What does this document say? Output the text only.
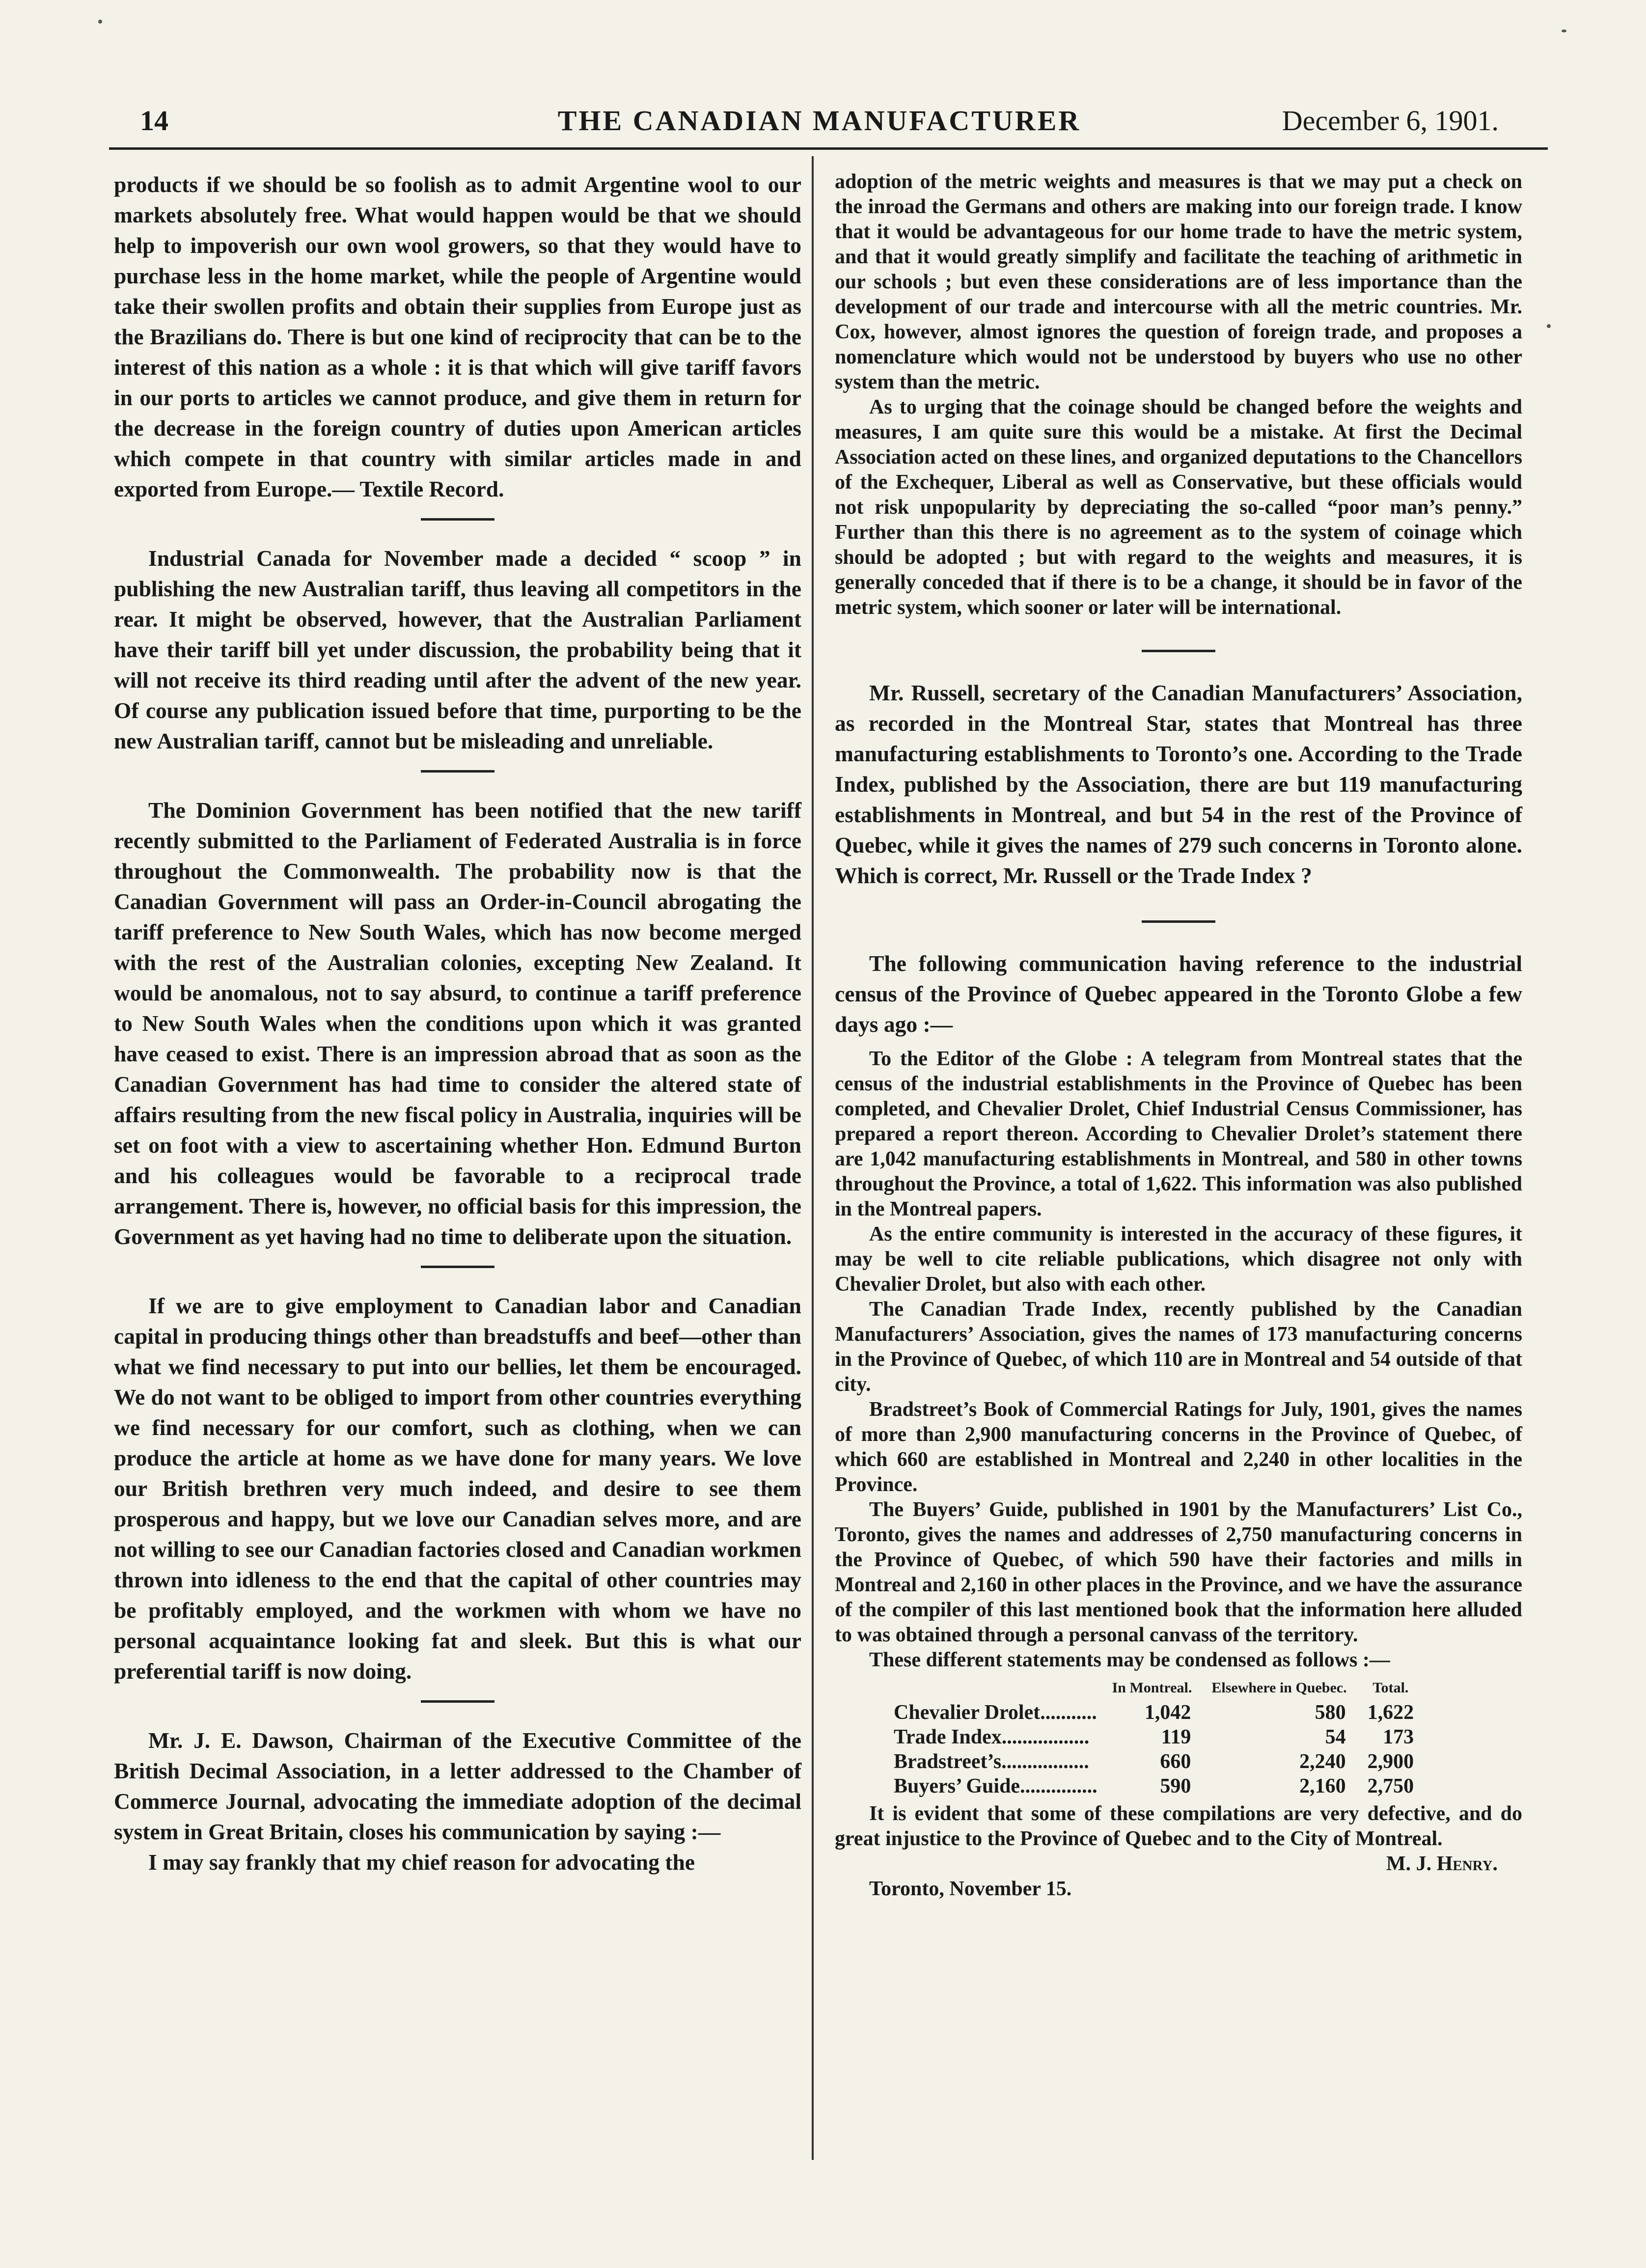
14	THE CANADIAN MANUFACTURER	December 6, 1901.

products if we should be so foolish as to admit Argentine wool to our markets absolutely free. What would happen would be that we should help to impoverish our own wool growers, so that they would have to purchase less in the home market, while the people of Argentine would take their swollen profits and obtain their supplies from Europe just as the Brazilians do. There is but one kind of reciprocity that can be to the interest of this nation as a whole : it is that which will give tariff favors in our ports to articles we cannot produce, and give them in return for the decrease in the foreign country of duties upon American articles which compete in that country with similar articles made in and exported from Europe.— Textile Record.

Industrial Canada for November made a decided “ scoop ” in publishing the new Australian tariff, thus leaving all competitors in the rear. It might be observed, however, that the Australian Parliament have their tariff bill yet under discussion, the probability being that it will not receive its third reading until after the advent of the new year. Of course any publication issued before that time, purporting to be the new Australian tariff, cannot but be misleading and unreliable.

The Dominion Government has been notified that the new tariff recently submitted to the Parliament of Federated Australia is in force throughout the Commonwealth. The probability now is that the Canadian Government will pass an Order-in-Council abrogating the tariff preference to New South Wales, which has now become merged with the rest of the Australian colonies, excepting New Zealand. It would be anomalous, not to say absurd, to continue a tariff preference to New South Wales when the conditions upon which it was granted have ceased to exist. There is an impression abroad that as soon as the Canadian Government has had time to consider the altered state of affairs resulting from the new fiscal policy in Australia, inquiries will be set on foot with a view to ascertaining whether Hon. Edmund Burton and his colleagues would be favorable to a reciprocal trade arrangement. There is, however, no official basis for this impression, the Government as yet having had no time to deliberate upon the situation.

If we are to give employment to Canadian labor and Canadian capital in producing things other than breadstuffs and beef—other than what we find necessary to put into our bellies, let them be encouraged. We do not want to be obliged to import from other countries everything we find necessary for our comfort, such as clothing, when we can produce the article at home as we have done for many years. We love our British brethren very much indeed, and desire to see them prosperous and happy, but we love our Canadian selves more, and are not willing to see our Canadian factories closed and Canadian workmen thrown into idleness to the end that the capital of other countries may be profitably employed, and the workmen with whom we have no personal acquaintance looking fat and sleek. But this is what our preferential tariff is now doing.

Mr. J. E. Dawson, Chairman of the Executive Committee of the British Decimal Association, in a letter addressed to the Chamber of Commerce Journal, advocating the immediate adoption of the decimal system in Great Britain, closes his communication by saying :—

I may say frankly that my chief reason for advocating the

adoption of the metric weights and measures is that we may put a check on the inroad the Germans and others are making into our foreign trade. I know that it would be advantageous for our home trade to have the metric system, and that it would greatly simplify and facilitate the teaching of arithmetic in our schools ; but even these considerations are of less importance than the development of our trade and intercourse with all the metric countries. Mr. Cox, however, almost ignores the question of foreign trade, and proposes a nomenclature which would not be understood by buyers who use no other system than the metric.

As to urging that the coinage should be changed before the weights and measures, I am quite sure this would be a mistake. At first the Decimal Association acted on these lines, and organized deputations to the Chancellors of the Exchequer, Liberal as well as Conservative, but these officials would not risk unpopularity by depreciating the so-called “poor man’s penny.” Further than this there is no agreement as to the system of coinage which should be adopted ; but with regard to the weights and measures, it is generally conceded that if there is to be a change, it should be in favor of the metric system, which sooner or later will be international.

Mr. Russell, secretary of the Canadian Manufacturers’ Association, as recorded in the Montreal Star, states that Montreal has three manufacturing establishments to Toronto’s one. According to the Trade Index, published by the Association, there are but 119 manufacturing establishments in Montreal, and but 54 in the rest of the Province of Quebec, while it gives the names of 279 such concerns in Toronto alone. Which is correct, Mr. Russell or the Trade Index ?

The following communication having reference to the industrial census of the Province of Quebec appeared in the Toronto Globe a few days ago :—

To the Editor of the Globe : A telegram from Montreal states that the census of the industrial establishments in the Province of Quebec has been completed, and Chevalier Drolet, Chief Industrial Census Commissioner, has prepared a report thereon. According to Chevalier Drolet’s statement there are 1,042 manufacturing establishments in Montreal, and 580 in other towns throughout the Province, a total of 1,622. This information was also published in the Montreal papers.

As the entire community is interested in the accuracy of these figures, it may be well to cite reliable publications, which disagree not only with Chevalier Drolet, but also with each other.

The Canadian Trade Index, recently published by the Canadian Manufacturers’ Association, gives the names of 173 manufacturing concerns in the Province of Quebec, of which 110 are in Montreal and 54 outside of that city.

Bradstreet’s Book of Commercial Ratings for July, 1901, gives the names of more than 2,900 manufacturing concerns in the Province of Quebec, of which 660 are established in Montreal and 2,240 in other localities in the Province.

The Buyers’ Guide, published in 1901 by the Manufacturers’ List Co., Toronto, gives the names and addresses of 2,750 manufacturing concerns in the Province of Quebec, of which 590 have their factories and mills in Montreal and 2,160 in other places in the Province, and we have the assurance of the compiler of this last mentioned book that the information here alluded to was obtained through a personal canvass of the territory.

These different statements may be condensed as follows :—

	In Montreal.	Elsewhere in Quebec.	Total.
Chevalier Drolet...........	1,042	580	1,622
Trade Index.................	119	54	173
Bradstreet’s.................	660	2,240	2,900
Buyers’ Guide...............	590	2,160	2,750

It is evident that some of these compilations are very defective, and do great injustice to the Province of Quebec and to the City of Montreal.

M. J. Henry.

Toronto, November 15.
